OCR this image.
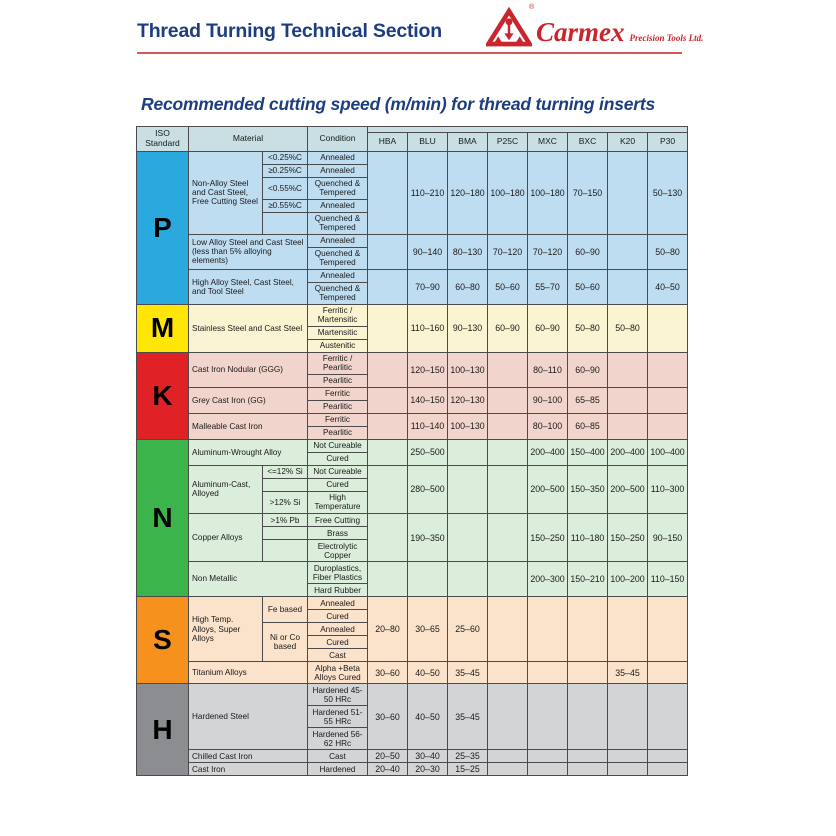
Thread Turning Technical Section	Carmex Precision Tools Ltd.
®
Recommended cutting speed (m/min) for thread turning inserts
ISO Standard	Material		Condition								
				HBA	BLU	BMA	P25C	MXC	BXC	K20	P30
P	Non-Alloy Steel and Cast Steel, Free Cutting Steel	<0.25%C	Annealed		110–210	120–180	100–180	100–180	70–150		50–130
		≥0.25%C	Annealed								
		<0.55%C	Quenched & Tempered								
		≥0.55%C	Annealed								
			Quenched & Tempered								
	Low Alloy Steel and Cast Steel (less than 5% alloying elements)		Annealed		90–140	80–130	70–120	70–120	60–90		50–80
			Quenched & Tempered								
	High Alloy Steel, Cast Steel, and Tool Steel		Annealed		70–90	60–80	50–60	55–70	50–60		40–50
			Quenched & Tempered								
M	Stainless Steel and Cast Steel		Ferritic / Martensitic		110–160	90–130	60–90	60–90	50–80	50–80	
			Martensitic								
			Austenitic								
K	Cast Iron Nodular (GGG)		Ferritic / Pearlitic		120–150	100–130		80–110	60–90		
			Pearlitic								
	Grey Cast Iron (GG)		Ferritic		140–150	120–130		90–100	65–85		
			Pearlitic								
	Malleable Cast Iron		Ferritic		110–140	100–130		80–100	60–85		
			Pearlitic								
N	Aluminum-Wrought Alloy		Not Cureable		250–500			200–400	150–400	200–400	100–400
			Cured								
	Aluminum-Cast, Alloyed	<=12% Si	Not Cureable		280–500			200–500	150–350	200–500	110–300
			Cured								
		>12% Si	High Temperature								
	Copper Alloys	>1% Pb	Free Cutting		190–350			150–250	110–180	150–250	90–150
			Brass								
			Electrolytic Copper								
	Non Metallic		Duroplastics, Fiber Plastics					200–300	150–210	100–200	110–150
			Hard Rubber								
S	High Temp. Alloys, Super Alloys	Fe based	Annealed	20–80	30–65	25–60					
			Cured								
		Ni or Co based	Annealed								
			Cured								
			Cast								
	Titanium Alloys		Alpha +Beta Alloys Cured	30–60	40–50	35–45				35–45	
H	Hardened Steel		Hardened 45-50 HRc	30–60	40–50	35–45					
			Hardened 51-55 HRc								
			Hardened 56-62 HRc								
	Chilled Cast Iron		Cast	20–50	30–40	25–35					
	Cast Iron		Hardened	20–40	20–30	15–25					
